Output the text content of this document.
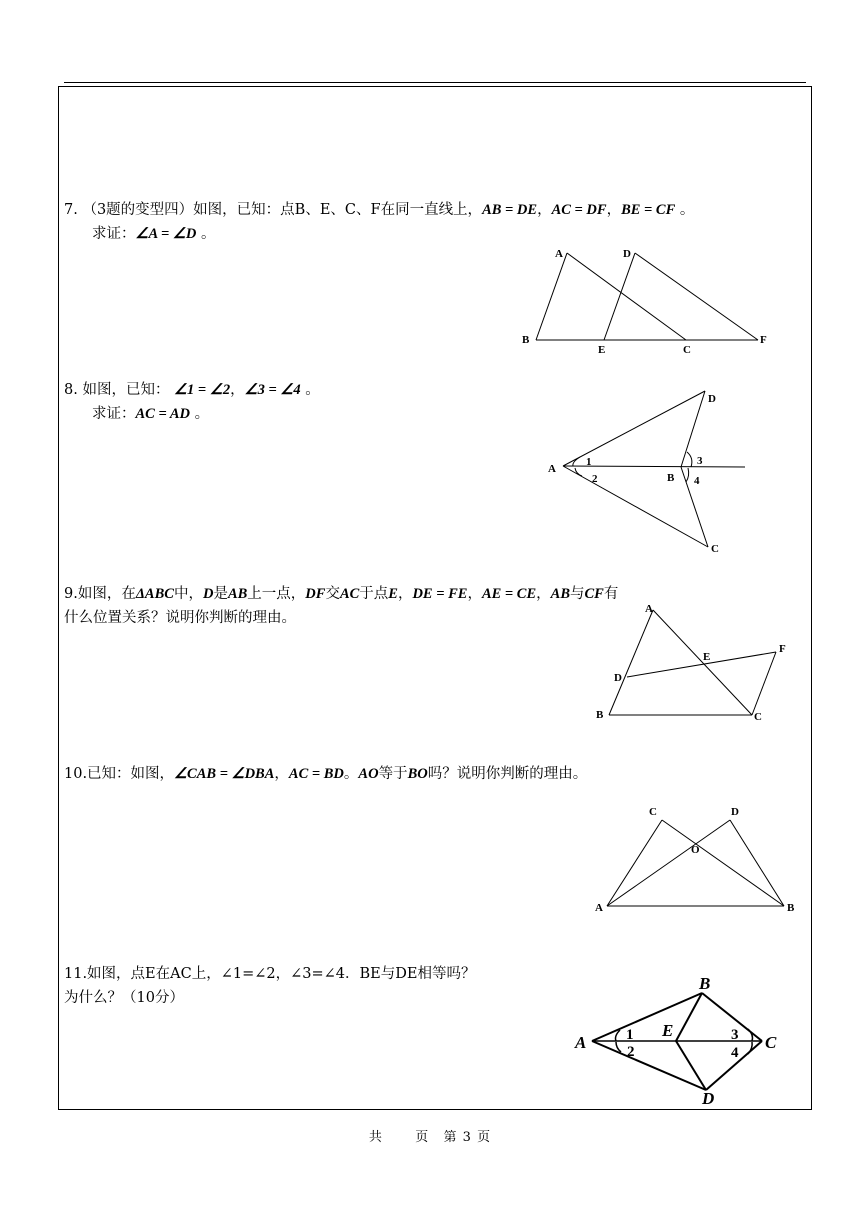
7. （3题的变型四）如图，已知：点B、E、C、F在同一直线上，AB = DE，AC = DF，BE = CF 。
求证：∠A = ∠D 。
A	D
B
E	C
F
8. 如图，已知： ∠1 = ∠2，∠3 = ∠4 。
求证：AC = AD 。
A
1
2	B
3
4
D
C
9.如图，在ΔABC中，D是AB上一点，DF交AC于点E，DE = FE，AE = CE，AB与CF有
什么位置关系？说明你判断的理由。
A
D
B
E
F
C
10.已知：如图，∠CAB = ∠DBA，AC = BD。AO等于BO吗？说明你判断的理由。
C	D
O
A	B
11.如图，点E在AC上，∠1=∠2，∠3=∠4．BE与DE相等吗？
为什么？（10分）
A	1
2
E
B
3
4
C
D
共 页 第 3 页
